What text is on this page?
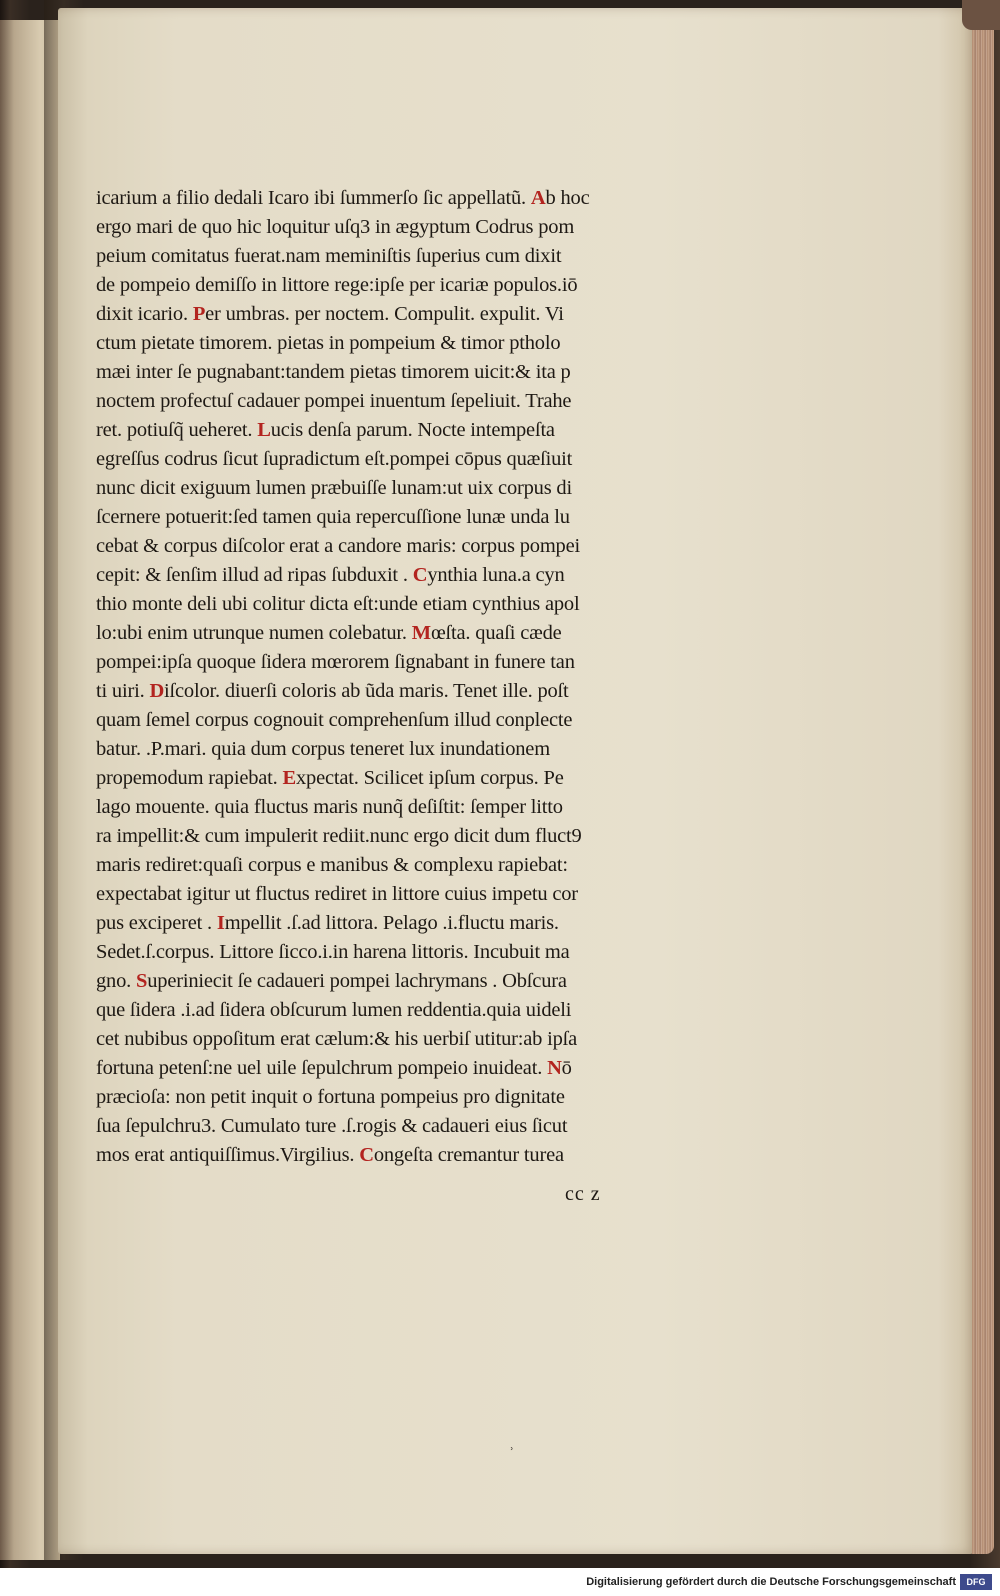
icarium a filio dedali Icaro ibi ſummerſo ſic appellatũ. Ab hoc
ergo mari de quo hic loquitur uſq3 in ægyptum Codrus pom
peium comitatus fuerat.nam meminiſtis ſuperius cum dixit
de pompeio demiſſo in littore rege:ipſe per icariæ populos.iō
dixit icario. Per umbras. per noctem. Compulit. expulit. Vi
ctum pietate timorem. pietas in pompeium & timor ptholo
mæi inter ſe pugnabant:tandem pietas timorem uicit:& ita p
noctem profectuſ cadauer pompei inuentum ſepeliuit. Trahe
ret. potiuſq̃ ueheret. Lucis denſa parum. Nocte intempeſta
egreſſus codrus ſicut ſupradictum eſt.pompei cōpus quæſiuit
nunc dicit exiguum lumen præbuiſſe lunam:ut uix corpus di
ſcernere potuerit:ſed tamen quia repercuſſione lunæ unda lu
cebat & corpus diſcolor erat a candore maris: corpus pompei
cepit: & ſenſim illud ad ripas ſubduxit . Cynthia luna.a cyn
thio monte deli ubi colitur dicta eſt:unde etiam cynthius apol
lo:ubi enim utrunque numen colebatur. Mœſta. quaſi cæde
pompei:ipſa quoque ſidera mœrorem ſignabant in funere tan
ti uiri. Diſcolor. diuerſi coloris ab ũda maris. Tenet ille. poſt
quam ſemel corpus cognouit comprehenſum illud conplecte
batur. .P.mari. quia dum corpus teneret lux inundationem
propemodum rapiebat. Expectat. Scilicet ipſum corpus. Pe
lago mouente. quia fluctus maris nunq̃ deſiſtit: ſemper litto
ra impellit:& cum impulerit rediit.nunc ergo dicit dum fluct9
maris rediret:quaſi corpus e manibus & complexu rapiebat:
expectabat igitur ut fluctus rediret in littore cuius impetu cor
pus exciperet . Impellit .ſ.ad littora. Pelago .i.fluctu maris.
Sedet.ſ.corpus. Littore ſicco.i.in harena littoris. Incubuit ma
gno. Superiniecit ſe cadaueri pompei lachrymans . Obſcura
que ſidera .i.ad ſidera obſcurum lumen reddentia.quia uideli
cet nubibus oppoſitum erat cælum:& his uerbiſ utitur:ab ipſa
fortuna petenſ:ne uel uile ſepulchrum pompeio inuideat. Nō
præcioſa: non petit inquit o fortuna pompeius pro dignitate
ſua ſepulchru3. Cumulato ture .ſ.rogis & cadaueri eius ſicut
mos erat antiquiſſimus.Virgilius. Congeſta cremantur turea
cc z
˒
Digitalisierung gefördert durch die Deutsche Forschungsgemeinschaft	DFG
